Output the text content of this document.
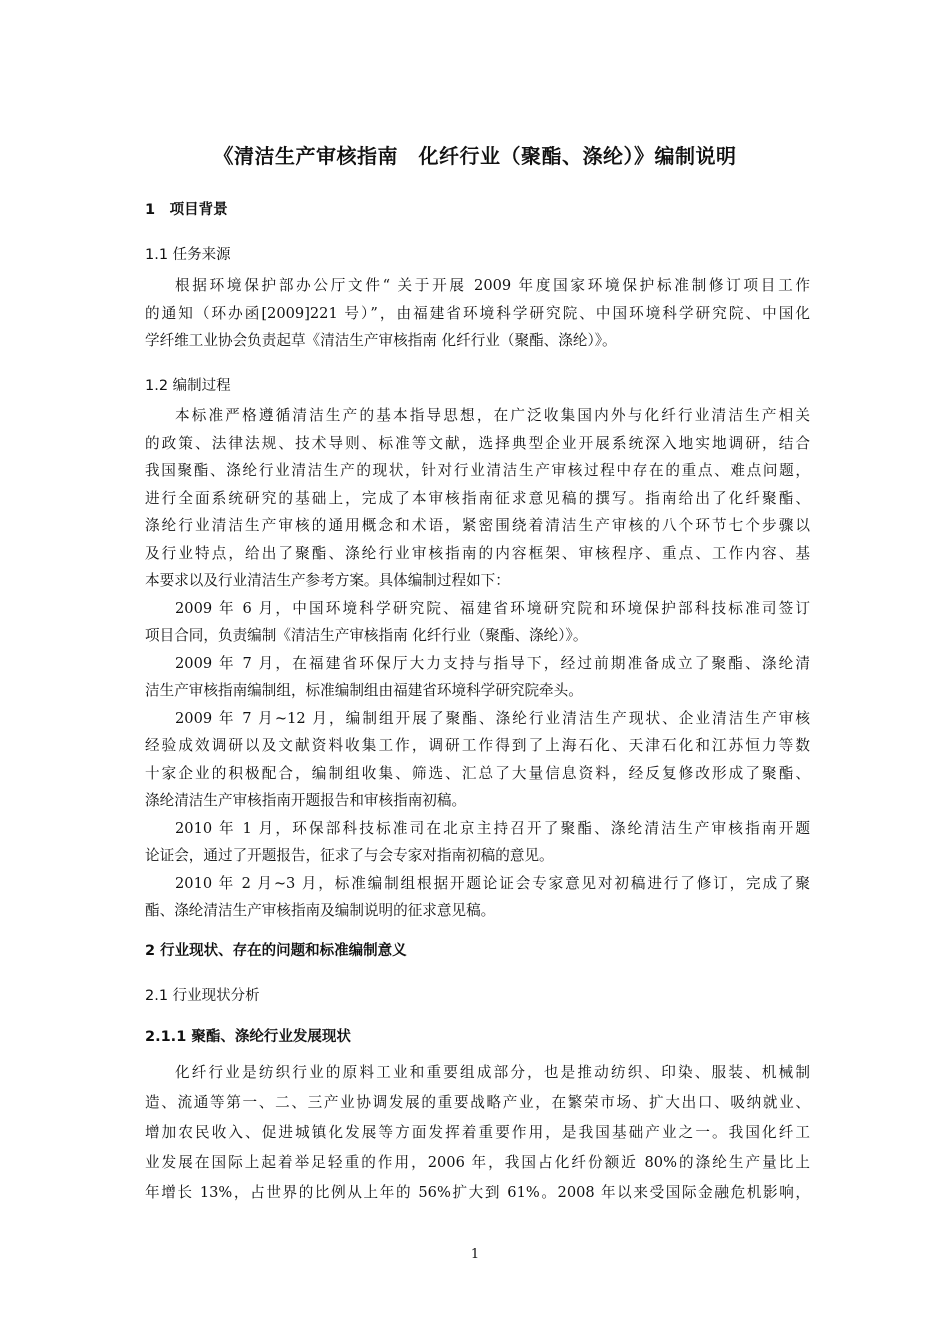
《清洁生产审核指南　化纤行业（聚酯、涤纶）》编制说明
1　项目背景
1.1 任务来源
根据环境保护部办公厅文件“ 关于开展 2009 年度国家环境保护标准制修订项目工作
的通知（环办函[2009]221 号）”，由福建省环境科学研究院、中国环境科学研究院、中国化
学纤维工业协会负责起草《清洁生产审核指南 化纤行业（聚酯、涤纶）》。
1.2 编制过程
本标准严格遵循清洁生产的基本指导思想，在广泛收集国内外与化纤行业清洁生产相关
的政策、法律法规、技术导则、标准等文献，选择典型企业开展系统深入地实地调研，结合
我国聚酯、涤纶行业清洁生产的现状，针对行业清洁生产审核过程中存在的重点、难点问题，
进行全面系统研究的基础上，完成了本审核指南征求意见稿的撰写。指南给出了化纤聚酯、
涤纶行业清洁生产审核的通用概念和术语，紧密围绕着清洁生产审核的八个环节七个步骤以
及行业特点，给出了聚酯、涤纶行业审核指南的内容框架、审核程序、重点、工作内容、基
本要求以及行业清洁生产参考方案。具体编制过程如下：
2009 年 6 月，中国环境科学研究院、福建省环境研究院和环境保护部科技标准司签订
项目合同，负责编制《清洁生产审核指南 化纤行业（聚酯、涤纶）》。
2009 年 7 月，在福建省环保厅大力支持与指导下，经过前期准备成立了聚酯、涤纶清
洁生产审核指南编制组，标准编制组由福建省环境科学研究院牵头。
2009 年 7 月~12 月，编制组开展了聚酯、涤纶行业清洁生产现状、企业清洁生产审核
经验成效调研以及文献资料收集工作，调研工作得到了上海石化、天津石化和江苏恒力等数
十家企业的积极配合，编制组收集、筛选、汇总了大量信息资料，经反复修改形成了聚酯、
涤纶清洁生产审核指南开题报告和审核指南初稿。
2010 年 1 月，环保部科技标准司在北京主持召开了聚酯、涤纶清洁生产审核指南开题
论证会，通过了开题报告，征求了与会专家对指南初稿的意见。
2010 年 2 月~3 月，标准编制组根据开题论证会专家意见对初稿进行了修订，完成了聚
酯、涤纶清洁生产审核指南及编制说明的征求意见稿。
2 行业现状、存在的问题和标准编制意义
2.1 行业现状分析
2.1.1 聚酯、涤纶行业发展现状
化纤行业是纺织行业的原料工业和重要组成部分，也是推动纺织、印染、服装、机械制
造、流通等第一、二、三产业协调发展的重要战略产业，在繁荣市场、扩大出口、吸纳就业、
增加农民收入、促进城镇化发展等方面发挥着重要作用，是我国基础产业之一。我国化纤工
业发展在国际上起着举足轻重的作用，2006 年，我国占化纤份额近 80%的涤纶生产量比上
年增长 13%，占世界的比例从上年的 56%扩大到 61%。2008 年以来受国际金融危机影响，
1
